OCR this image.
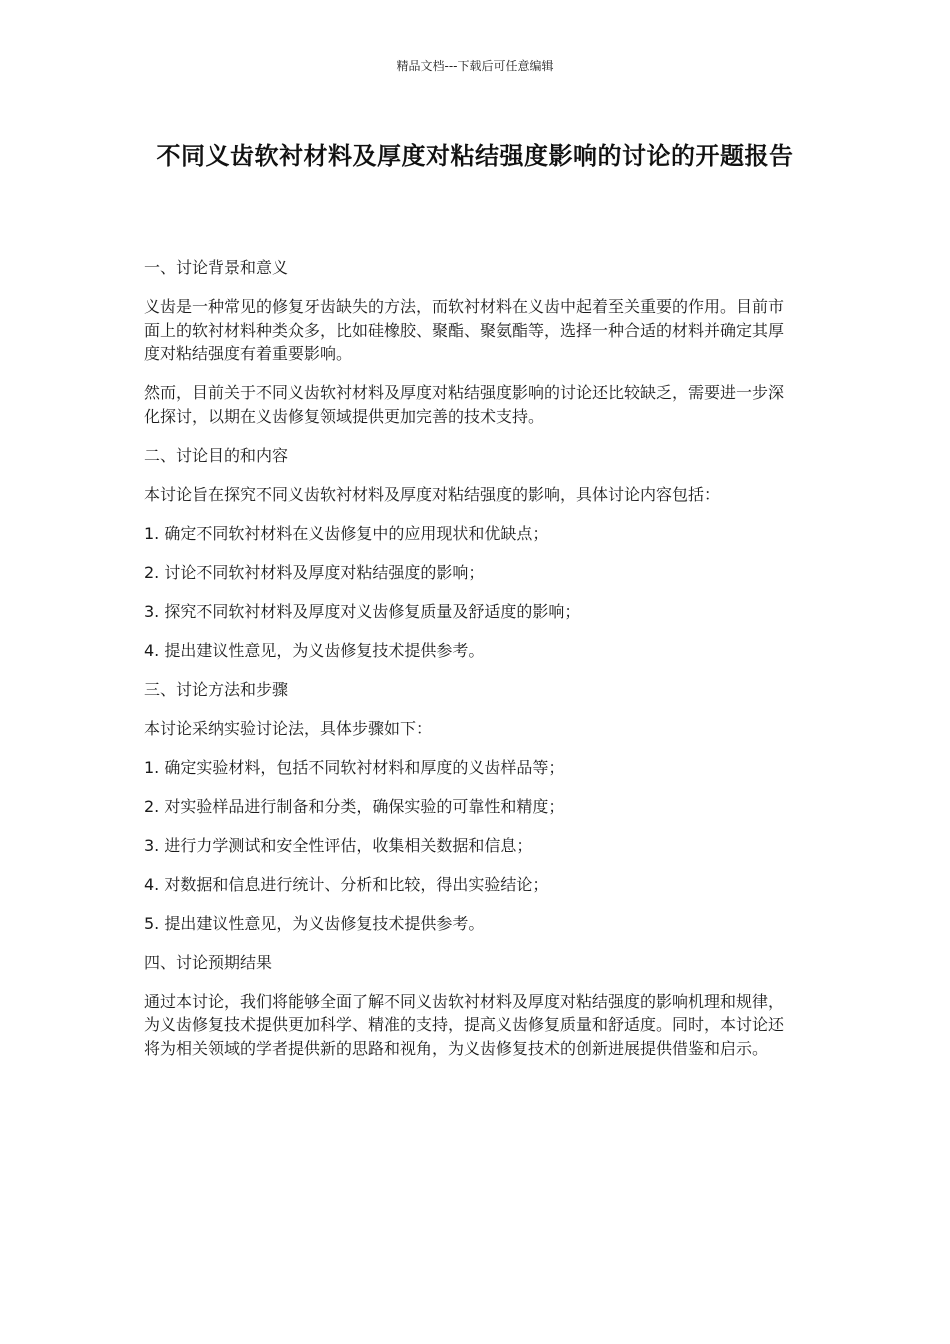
精品文档---下载后可任意编辑
不同义齿软衬材料及厚度对粘结强度影响的讨论的开题报告

一、讨论背景和意义

义齿是一种常见的修复牙齿缺失的方法，而软衬材料在义齿中起着至关重要的作用。目前市面上的软衬材料种类众多，比如硅橡胶、聚酯、聚氨酯等，选择一种合适的材料并确定其厚度对粘结强度有着重要影响。

然而，目前关于不同义齿软衬材料及厚度对粘结强度影响的讨论还比较缺乏，需要进一步深化探讨，以期在义齿修复领域提供更加完善的技术支持。

二、讨论目的和内容

本讨论旨在探究不同义齿软衬材料及厚度对粘结强度的影响，具体讨论内容包括：

1. 确定不同软衬材料在义齿修复中的应用现状和优缺点；

2. 讨论不同软衬材料及厚度对粘结强度的影响；

3. 探究不同软衬材料及厚度对义齿修复质量及舒适度的影响；

4. 提出建议性意见，为义齿修复技术提供参考。

三、讨论方法和步骤

本讨论采纳实验讨论法，具体步骤如下：

1. 确定实验材料，包括不同软衬材料和厚度的义齿样品等；

2. 对实验样品进行制备和分类，确保实验的可靠性和精度；

3. 进行力学测试和安全性评估，收集相关数据和信息；

4. 对数据和信息进行统计、分析和比较，得出实验结论；

5. 提出建议性意见，为义齿修复技术提供参考。

四、讨论预期结果

通过本讨论，我们将能够全面了解不同义齿软衬材料及厚度对粘结强度的影响机理和规律，为义齿修复技术提供更加科学、精准的支持，提高义齿修复质量和舒适度。同时，本讨论还将为相关领域的学者提供新的思路和视角，为义齿修复技术的创新进展提供借鉴和启示。
